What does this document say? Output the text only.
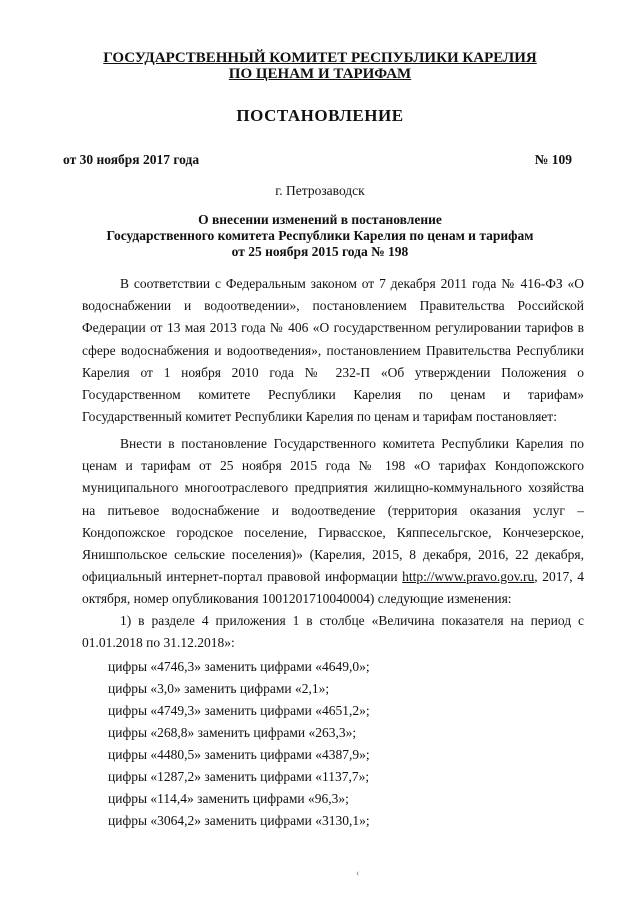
ГОСУДАРСТВЕННЫЙ КОМИТЕТ РЕСПУБЛИКИ КАРЕЛИЯ
ПО ЦЕНАМ И ТАРИФАМ
ПОСТАНОВЛЕНИЕ
от 30 ноября 2017 года	№ 109
г. Петрозаводск
О внесении изменений в постановление
Государственного комитета Республики Карелия по ценам и тарифам
от 25 ноября 2015 года № 198

В соответствии с Федеральным законом от 7 декабря 2011 года № 416-ФЗ «О водоснабжении и водоотведении», постановлением Правительства Российской Федерации от 13 мая 2013 года № 406 «О государственном регулировании тарифов в сфере водоснабжения и водоотведения», постановлением Правительства Республики Карелия от 1 ноября 2010 года № 232-П «Об утверждении Положения о Государственном комитете Республики Карелия по ценам и тарифам» Государственный комитет Республики Карелия по ценам и тарифам постановляет:

Внести в постановление Государственного комитета Республики Карелия по ценам и тарифам от 25 ноября 2015 года № 198 «О тарифах Кондопожского муниципального многоотраслевого предприятия жилищно-коммунального хозяйства на питьевое водоснабжение и водоотведение (территория оказания услуг – Кондопожское городское поселение, Гирвасское, Кяппесельгское, Кончезерское, Янишпольское сельские поселения)» (Карелия, 2015, 8 декабря, 2016, 22 декабря, официальный интернет-портал правовой информации http://www.pravo.gov.ru, 2017, 4 октября, номер опубликования 1001201710040004) следующие изменения:

1) в разделе 4 приложения 1 в столбце «Величина показателя на период с 01.01.2018 по 31.12.2018»:

цифры «4746,3» заменить цифрами «4649,0»;
цифры «3,0» заменить цифрами «2,1»;
цифры «4749,3» заменить цифрами «4651,2»;
цифры «268,8» заменить цифрами «263,3»;
цифры «4480,5» заменить цифрами «4387,9»;
цифры «1287,2» заменить цифрами «1137,7»;
цифры «114,4» заменить цифрами «96,3»;
цифры «3064,2» заменить цифрами «3130,1»;
‹
